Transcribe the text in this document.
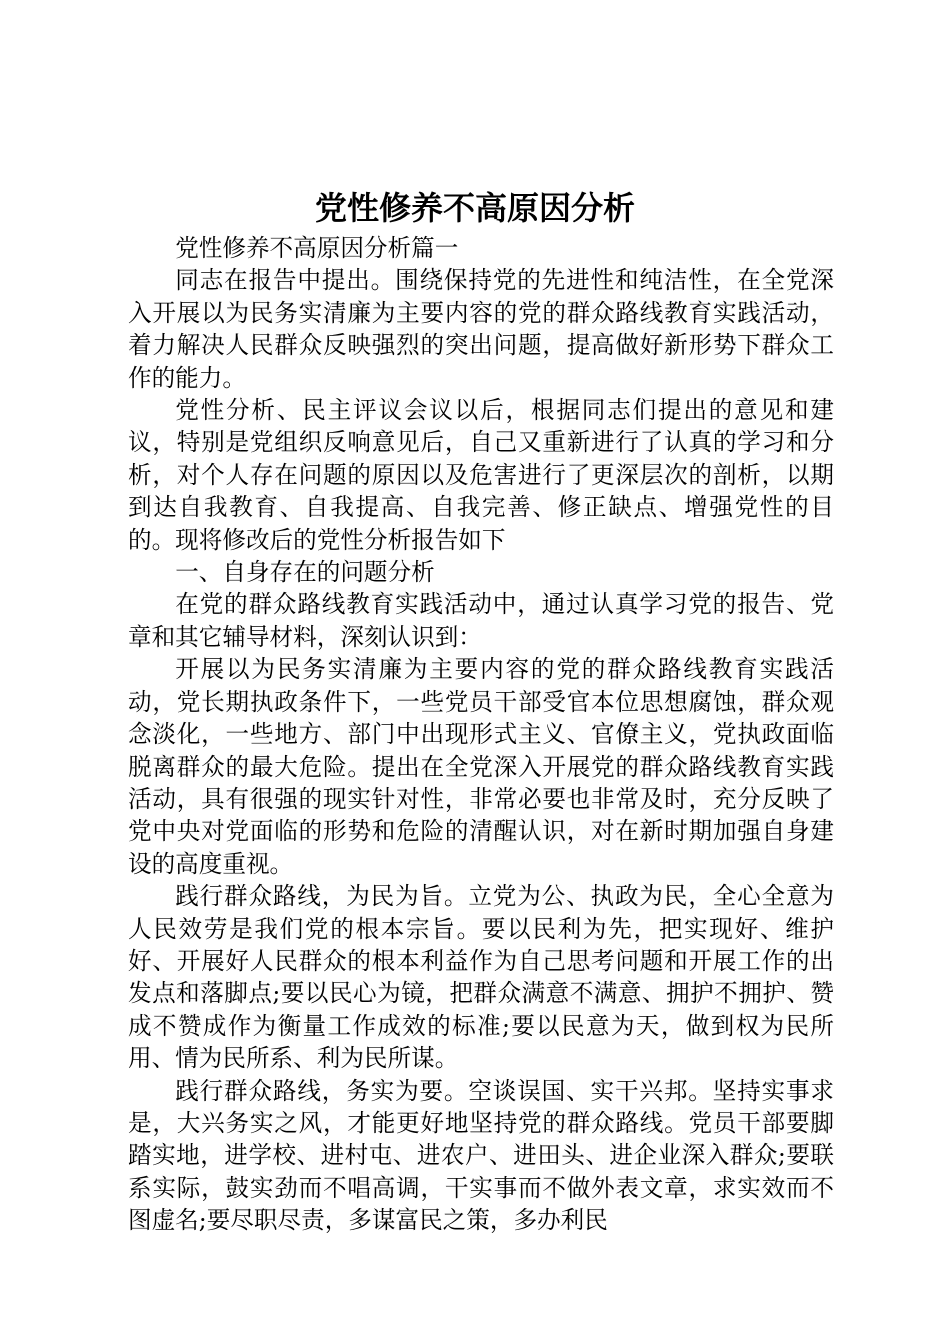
党性修养不高原因分析

党性修养不高原因分析篇一

同志在报告中提出。围绕保持党的先进性和纯洁性，在全党深入开展以为民务实清廉为主要内容的党的群众路线教育实践活动，着力解决人民群众反映强烈的突出问题，提高做好新形势下群众工作的能力。

党性分析、民主评议会议以后，根据同志们提出的意见和建议，特别是党组织反响意见后，自己又重新进行了认真的学习和分析，对个人存在问题的原因以及危害进行了更深层次的剖析，以期到达自我教育、自我提高、自我完善、修正缺点、增强党性的目的。现将修改后的党性分析报告如下

一、自身存在的问题分析

在党的群众路线教育实践活动中，通过认真学习党的报告、党章和其它辅导材料，深刻认识到：

开展以为民务实清廉为主要内容的党的群众路线教育实践活动，党长期执政条件下，一些党员干部受官本位思想腐蚀，群众观念淡化，一些地方、部门中出现形式主义、官僚主义，党执政面临脱离群众的最大危险。提出在全党深入开展党的群众路线教育实践活动，具有很强的现实针对性，非常必要也非常及时，充分反映了党中央对党面临的形势和危险的清醒认识，对在新时期加强自身建设的高度重视。

践行群众路线，为民为旨。立党为公、执政为民，全心全意为人民效劳是我们党的根本宗旨。要以民利为先，把实现好、维护好、开展好人民群众的根本利益作为自己思考问题和开展工作的出发点和落脚点;要以民心为镜，把群众满意不满意、拥护不拥护、赞成不赞成作为衡量工作成效的标准;要以民意为天，做到权为民所用、情为民所系、利为民所谋。

践行群众路线，务实为要。空谈误国、实干兴邦。坚持实事求是，大兴务实之风，才能更好地坚持党的群众路线。党员干部要脚踏实地，进学校、进村屯、进农户、进田头、进企业深入群众;要联系实际，鼓实劲而不唱高调，干实事而不做外表文章，求实效而不图虚名;要尽职尽责，多谋富民之策，多办利民
